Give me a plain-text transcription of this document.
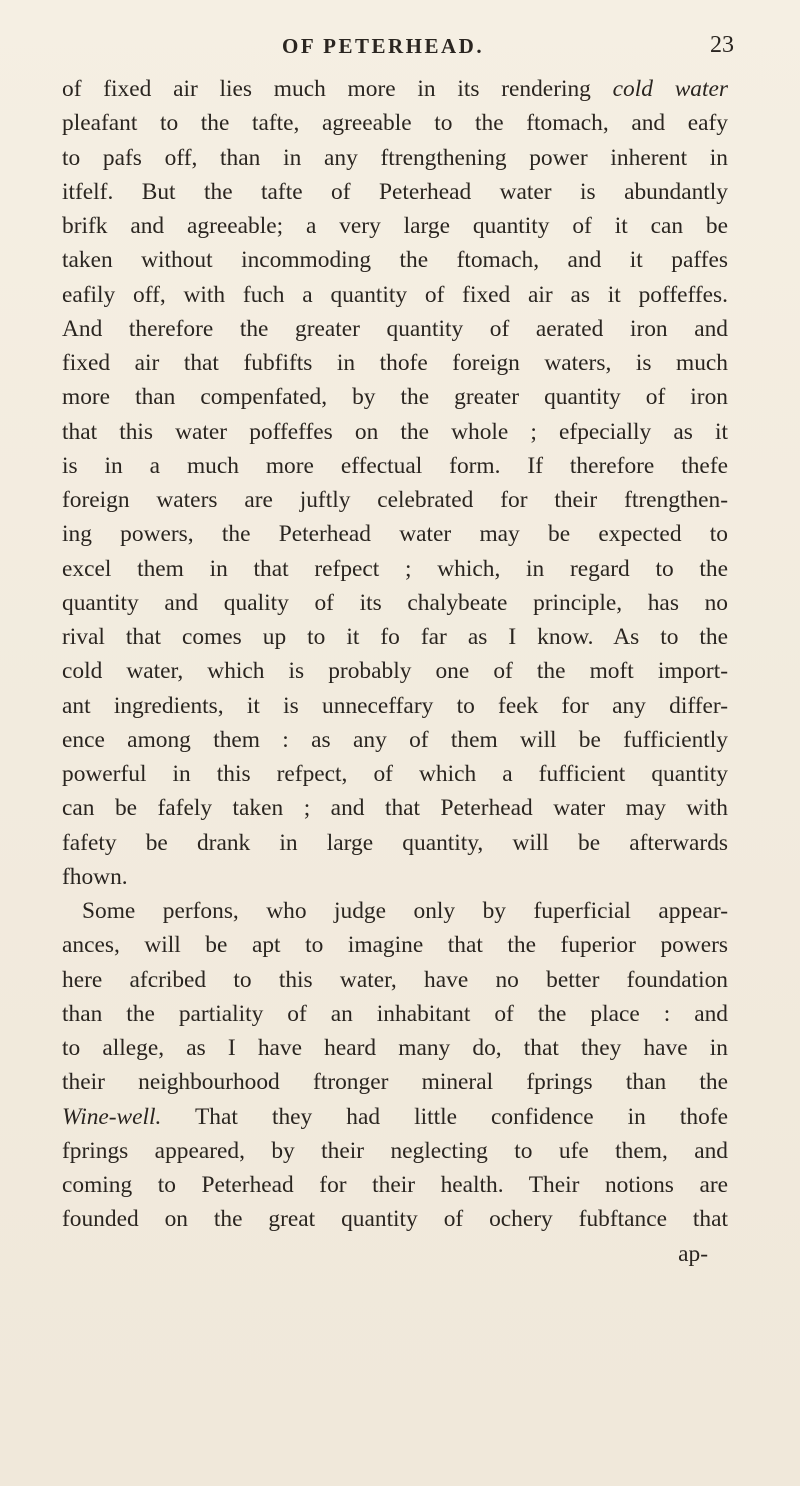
OF PETERHEAD.	23
of fixed air lies much more in its rendering cold water
pleafant to the tafte, agreeable to the ftomach, and eafy
to pafs off, than in any ftrengthening power inherent in
itfelf. But the tafte of Peterhead water is abundantly
brifk and agreeable; a very large quantity of it can be
taken without incommoding the ftomach, and it paffes
eafily off, with fuch a quantity of fixed air as it poffeffes.
And therefore the greater quantity of aerated iron and
fixed air that fubfifts in thofe foreign waters, is much
more than compenfated, by the greater quantity of iron
that this water poffeffes on the whole ; efpecially as it
is in a much more effectual form. If therefore thefe
foreign waters are juftly celebrated for their ftrengthen-
ing powers, the Peterhead water may be expected to
excel them in that refpect ; which, in regard to the
quantity and quality of its chalybeate principle, has no
rival that comes up to it fo far as I know. As to the
cold water, which is probably one of the moft import-
ant ingredients, it is unneceffary to feek for any differ-
ence among them : as any of them will be fufficiently
powerful in this refpect, of which a fufficient quantity
can be fafely taken ; and that Peterhead water may with
fafety be drank in large quantity, will be afterwards
fhown.
Some perfons, who judge only by fuperficial appear-
ances, will be apt to imagine that the fuperior powers
here afcribed to this water, have no better foundation
than the partiality of an inhabitant of the place : and
to allege, as I have heard many do, that they have in
their neighbourhood ftronger mineral fprings than the
Wine-well. That they had little confidence in thofe
fprings appeared, by their neglecting to ufe them, and
coming to Peterhead for their health. Their notions are
founded on the great quantity of ochery fubftance that
ap-
